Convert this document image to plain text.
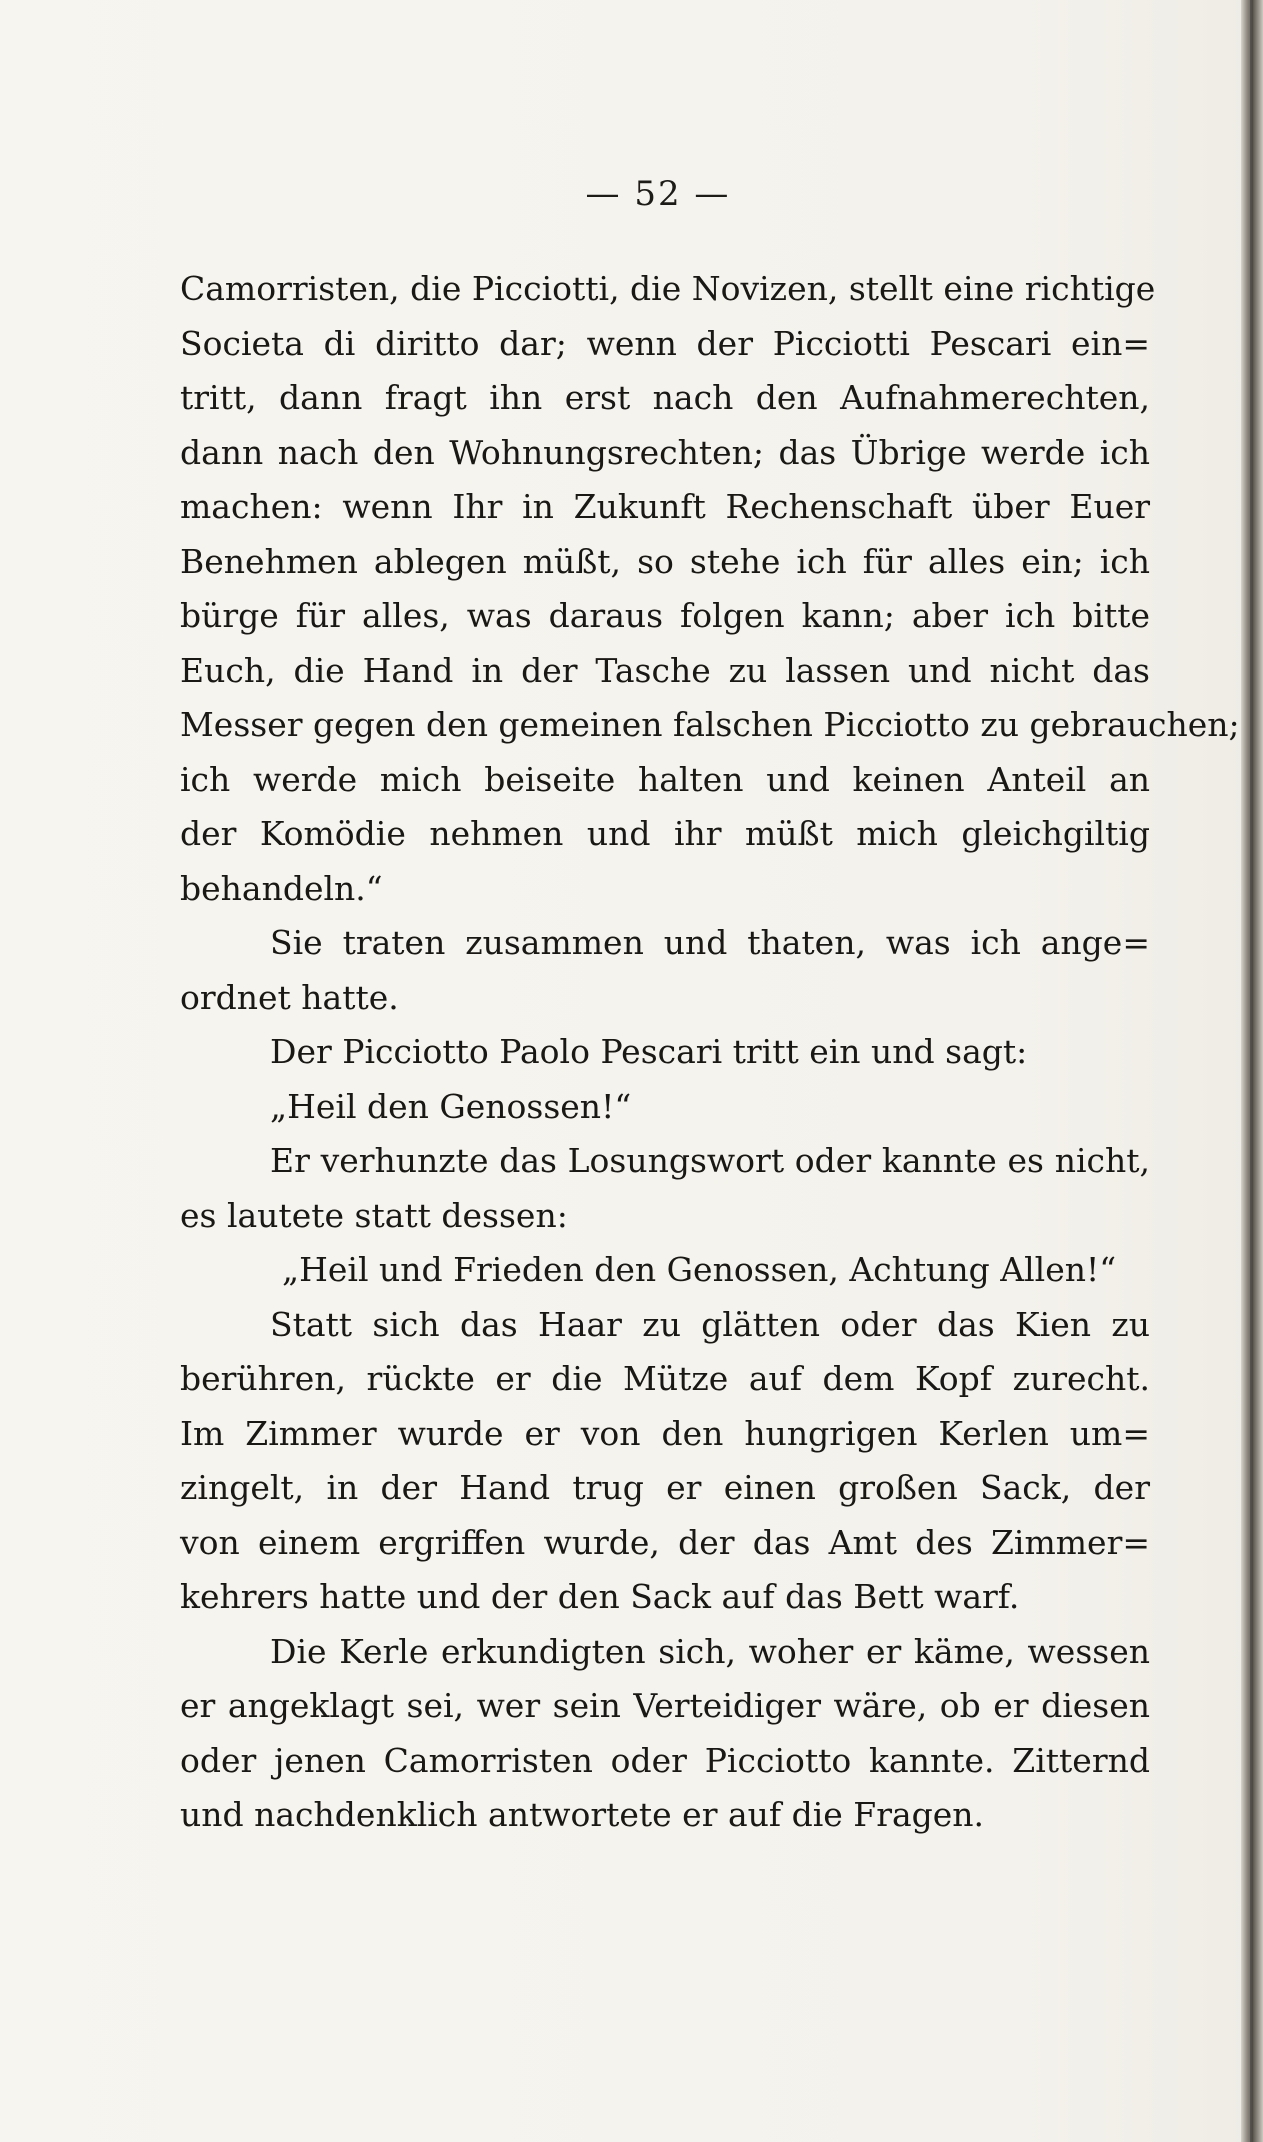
— 52 —
Camorristen, die Picciotti, die Novizen, stellt eine richtige
Societa di diritto dar; wenn der Picciotti Pescari ein=
tritt, dann fragt ihn erst nach den Aufnahmerechten,
dann nach den Wohnungsrechten; das Übrige werde ich
machen: wenn Ihr in Zukunft Rechenschaft über Euer
Benehmen ablegen müßt, so stehe ich für alles ein; ich
bürge für alles, was daraus folgen kann; aber ich bitte
Euch, die Hand in der Tasche zu lassen und nicht das
Messer gegen den gemeinen falschen Picciotto zu gebrauchen;
ich werde mich beiseite halten und keinen Anteil an
der Komödie nehmen und ihr müßt mich gleichgiltig
behandeln.“
Sie traten zusammen und thaten, was ich ange=
ordnet hatte.
Der Picciotto Paolo Pescari tritt ein und sagt:
„Heil den Genossen!“
Er verhunzte das Losungswort oder kannte es nicht,
es lautete statt dessen:
„Heil und Frieden den Genossen, Achtung Allen!“
Statt sich das Haar zu glätten oder das Kien zu
berühren, rückte er die Mütze auf dem Kopf zurecht.
Im Zimmer wurde er von den hungrigen Kerlen um=
zingelt, in der Hand trug er einen großen Sack, der
von einem ergriffen wurde, der das Amt des Zimmer=
kehrers hatte und der den Sack auf das Bett warf.
Die Kerle erkundigten sich, woher er käme, wessen
er angeklagt sei, wer sein Verteidiger wäre, ob er diesen
oder jenen Camorristen oder Picciotto kannte. Zitternd
und nachdenklich antwortete er auf die Fragen.
